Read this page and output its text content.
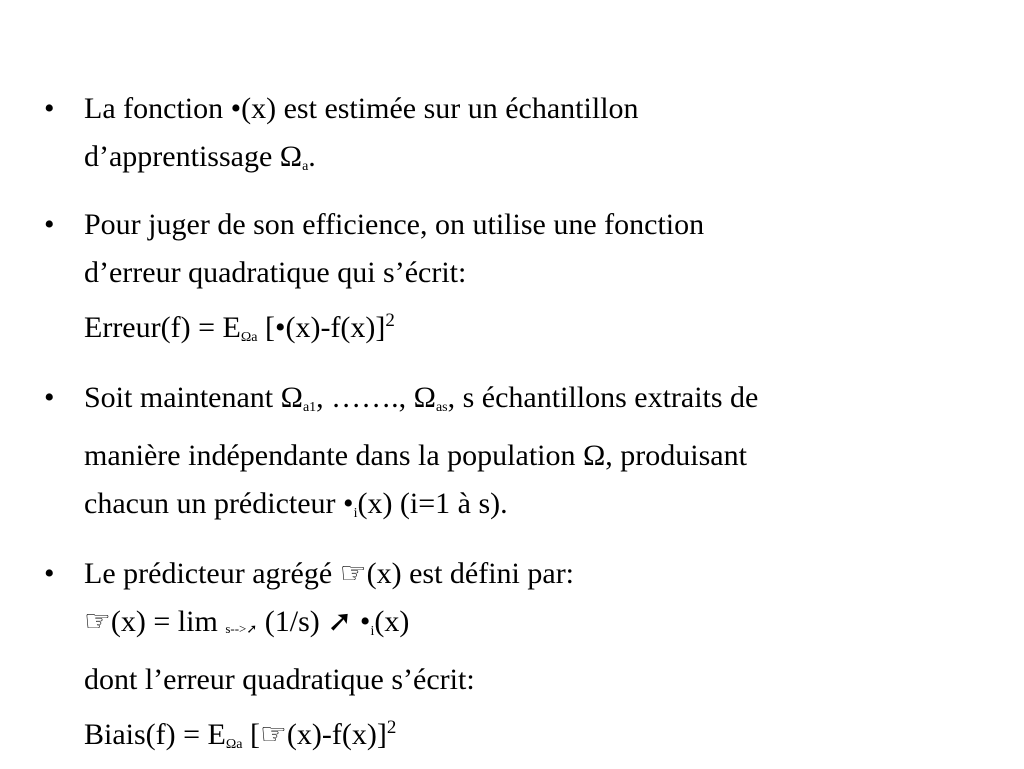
• La fonction •(x) est estimée sur un échantillon
d’apprentissage $\Omega_a$.
• Pour juger de son efficience, on utilise une fonction
d’erreur quadratique qui s’écrit:
Erreur(f) = $E_{\Omega a}$ [•(x)-f(x)]$^2$
• Soit maintenant $\Omega_{a1}$, ……., $\Omega_{as}$, s échantillons extraits de
manière indépendante dans la population Ω, produisant
chacun un prédicteur $•_i(x)$ (i=1 à s).
• Le prédicteur agrégé ☞(x) est défini par:
☞(x) = lim s-->➚ (1/s) ➚ $•_i(x)$
dont l’erreur quadratique s’écrit:
Biais(f) = $E_{\Omega a}$ [☞(x)-f(x)]$^2$
